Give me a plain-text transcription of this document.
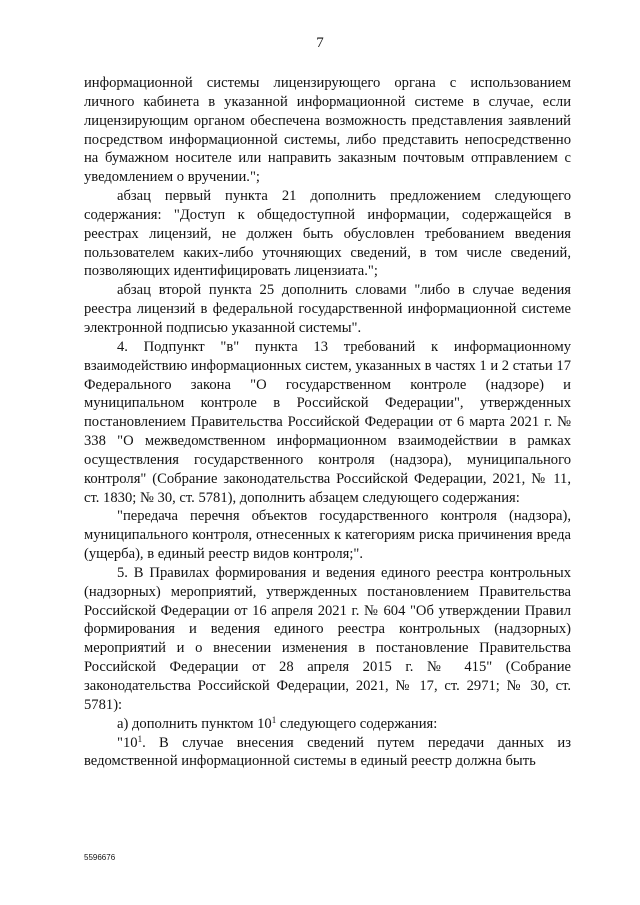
7

информационной системы лицензирующего органа с использованием личного кабинета в указанной информационной системе в случае, если лицензирующим органом обеспечена возможность представления заявлений посредством информационной системы, либо представить непосредственно на бумажном носителе или направить заказным почтовым отправлением с уведомлением о вручении.";

абзац первый пункта 21 дополнить предложением следующего содержания: "Доступ к общедоступной информации, содержащейся в реестрах лицензий, не должен быть обусловлен требованием введения пользователем каких-либо уточняющих сведений, в том числе сведений, позволяющих идентифицировать лицензиата.";

абзац второй пункта 25 дополнить словами "либо в случае ведения реестра лицензий в федеральной государственной информационной системе электронной подписью указанной системы".

4. Подпункт "в" пункта 13 требований к информационному взаимодействию информационных систем, указанных в частях 1 и 2 статьи 17 Федерального закона "О государственном контроле (надзоре) и муниципальном контроле в Российской Федерации", утвержденных постановлением Правительства Российской Федерации от 6 марта 2021 г. № 338 "О межведомственном информационном взаимодействии в рамках осуществления государственного контроля (надзора), муниципального контроля" (Собрание законодательства Российской Федерации, 2021, № 11, ст. 1830; № 30, ст. 5781), дополнить абзацем следующего содержания:

"передача перечня объектов государственного контроля (надзора), муниципального контроля, отнесенных к категориям риска причинения вреда (ущерба), в единый реестр видов контроля;".

5. В Правилах формирования и ведения единого реестра контрольных (надзорных) мероприятий, утвержденных постановлением Правительства Российской Федерации от 16 апреля 2021 г. № 604 "Об утверждении Правил формирования и ведения единого реестра контрольных (надзорных) мероприятий и о внесении изменения в постановление Правительства Российской Федерации от 28 апреля 2015 г. № 415" (Собрание законодательства Российской Федерации, 2021, № 17, ст. 2971; № 30, ст. 5781):

а) дополнить пунктом $10^1$ следующего содержания:

"$10^1$. В случае внесения сведений путем передачи данных из ведомственной информационной системы в единый реестр должна быть

5596676
